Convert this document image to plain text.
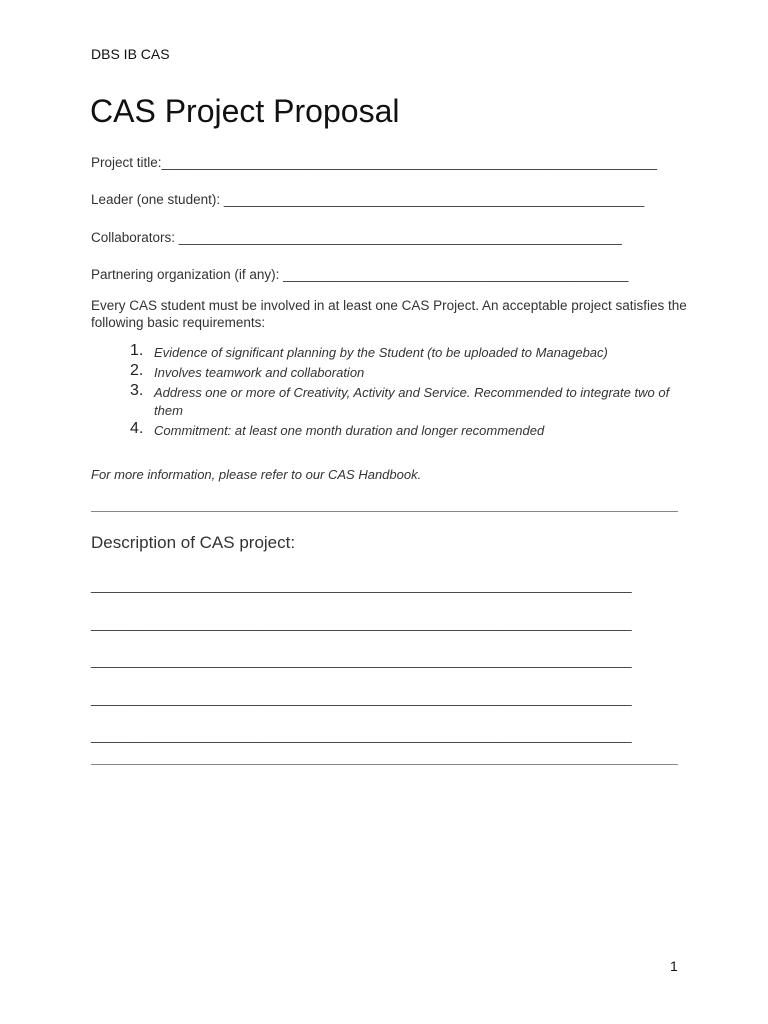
DBS IB CAS
CAS Project Proposal
Project title:__________________________________________________________________
Leader (one student): ________________________________________________________
Collaborators: ___________________________________________________________
Partnering organization (if any): ______________________________________________
Every CAS student must be involved in at least one CAS Project. An acceptable project satisfies the following basic requirements:
1. Evidence of significant planning by the Student (to be uploaded to Managebac)
2. Involves teamwork and collaboration
3. Address one or more of Creativity, Activity and Service. Recommended to integrate two of them
4. Commitment: at least one month duration and longer recommended
For more information, please refer to our CAS Handbook.
Description of CAS project:
________________________________________________________________________
________________________________________________________________________
________________________________________________________________________
________________________________________________________________________
________________________________________________________________________
1
